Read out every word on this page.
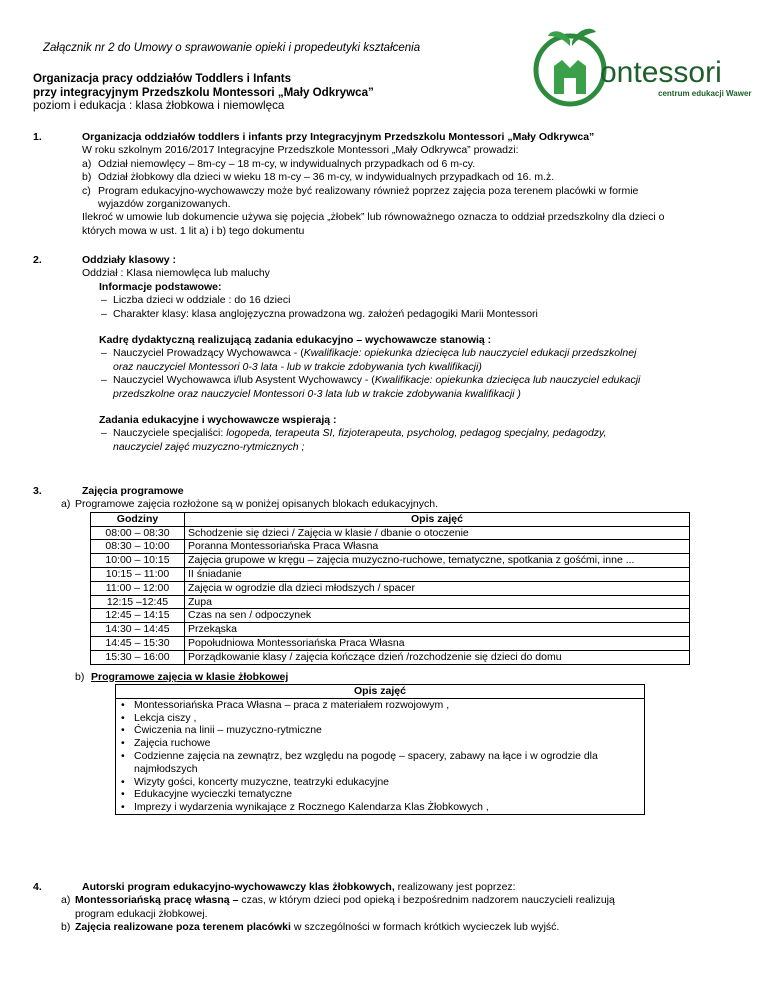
Załącznik nr 2 do Umowy o sprawowanie opieki i propedeutyki kształcenia
ontessori
centrum edukacji Wawer
Organizacja pracy oddziałów Toddlers i Infants
przy integracyjnym Przedszkolu Montessori „Mały Odkrywca”
poziom i edukacja : klasa żłobkowa i niemowlęca
1.	Organizacja oddziałów toddlers i infants przy Integracyjnym Przedszkolu Montessori „Mały Odkrywca”
W roku szkolnym 2016/2017 Integracyjne Przedszkole Montessori „Mały Odkrywca” prowadzi:
a) Odział niemowlęcy – 8m-cy – 18 m-cy, w indywidualnych przypadkach od 6 m-cy.
b) Odział żłobkowy dla dzieci w wieku 18 m-cy – 36 m-cy, w indywidualnych przypadkach od 16. m.ż.
c) Program edukacyjno-wychowawczy może być realizowany również poprzez zajęcia poza terenem placówki w formie
wyjazdów zorganizowanych.
Ilekroć w umowie lub dokumencie używa się pojęcia „żłobek” lub równoważnego oznacza to oddział przedszkolny dla dzieci o
których mowa w ust. 1 lit a) i b) tego dokumentu
2.	Oddziały klasowy :
Oddział : Klasa niemowlęca lub maluchy
Informacje podstawowe:
– Liczba dzieci w oddziale : do 16 dzieci
– Charakter klasy: klasa anglojęzyczna prowadzona wg. założeń pedagogiki Marii Montessori
Kadrę dydaktyczną realizującą zadania edukacyjno – wychowawcze stanowią :
– Nauczyciel Prowadzący Wychowawca - (Kwalifikacje: opiekunka dziecięca lub nauczyciel edukacji przedszkolnej
oraz nauczyciel Montessori 0-3 lata - lub w trakcie zdobywania tych kwalifikacji)
– Nauczyciel Wychowawca i/lub Asystent Wychowawcy - (Kwalifikacje: opiekunka dziecięca lub nauczyciel edukacji
przedszkolne oraz nauczyciel Montessori 0-3 lata lub w trakcie zdobywania kwalifikacji )
Zadania edukacyjne i wychowawcze wspierają :
– Nauczyciele specjaliści: logopeda, terapeuta SI, fizjoterapeuta, psycholog, pedagog specjalny, pedagodzy,
nauczyciel zajęć muzyczno-rytmicznych ;
3.	Zajęcia programowe
a) Programowe zajęcia rozłożone są w poniżej opisanych blokach edukacyjnych.
Godziny	Opis zajęć
08:00 – 08:30	Schodzenie się dzieci / Zajęcia w klasie / dbanie o otoczenie
08:30 – 10:00	Poranna Montessoriańska Praca Własna
10:00 – 10:15	Zajęcia grupowe w kręgu – zajęcia muzyczno-ruchowe, tematyczne, spotkania z gośćmi, inne ...
10:15 – 11:00	II śniadanie
11:00 – 12:00	Zajęcia w ogrodzie dla dzieci młodszych / spacer
12:15 –12:45	Zupa
12:45 – 14:15	Czas na sen / odpoczynek
14:30 – 14:45	Przekąska
14:45 – 15:30	Popołudniowa Montessoriańska Praca Własna
15:30 – 16:00	Porządkowanie klasy / zajęcia kończące dzień /rozchodzenie się dzieci do domu
b) Programowe zajęcia w klasie żłobkowej
Opis zajęć

• Montessoriańska Praca Własna – praca z materiałem rozwojowym ,
• Lekcja ciszy ,
• Ćwiczenia na linii – muzyczno-rytmiczne
• Zajęcia ruchowe
• Codzienne zajęcia na zewnątrz, bez względu na pogodę – spacery, zabawy na łące i w ogrodzie dla najmłodszych
• Wizyty gości, koncerty muzyczne, teatrzyki edukacyjne
• Edukacyjne wycieczki tematyczne
• Imprezy i wydarzenia wynikające z Rocznego Kalendarza Klas Żłobkowych ,
4.	Autorski program edukacyjno-wychowawczy klas żłobkowych, realizowany jest poprzez:
a) Montessoriańską pracę własną – czas, w którym dzieci pod opieką i bezpośrednim nadzorem nauczycieli realizują
program edukacji żłobkowej.
b) Zajęcia realizowane poza terenem placówki w szczególności w formach krótkich wycieczek lub wyjść.
